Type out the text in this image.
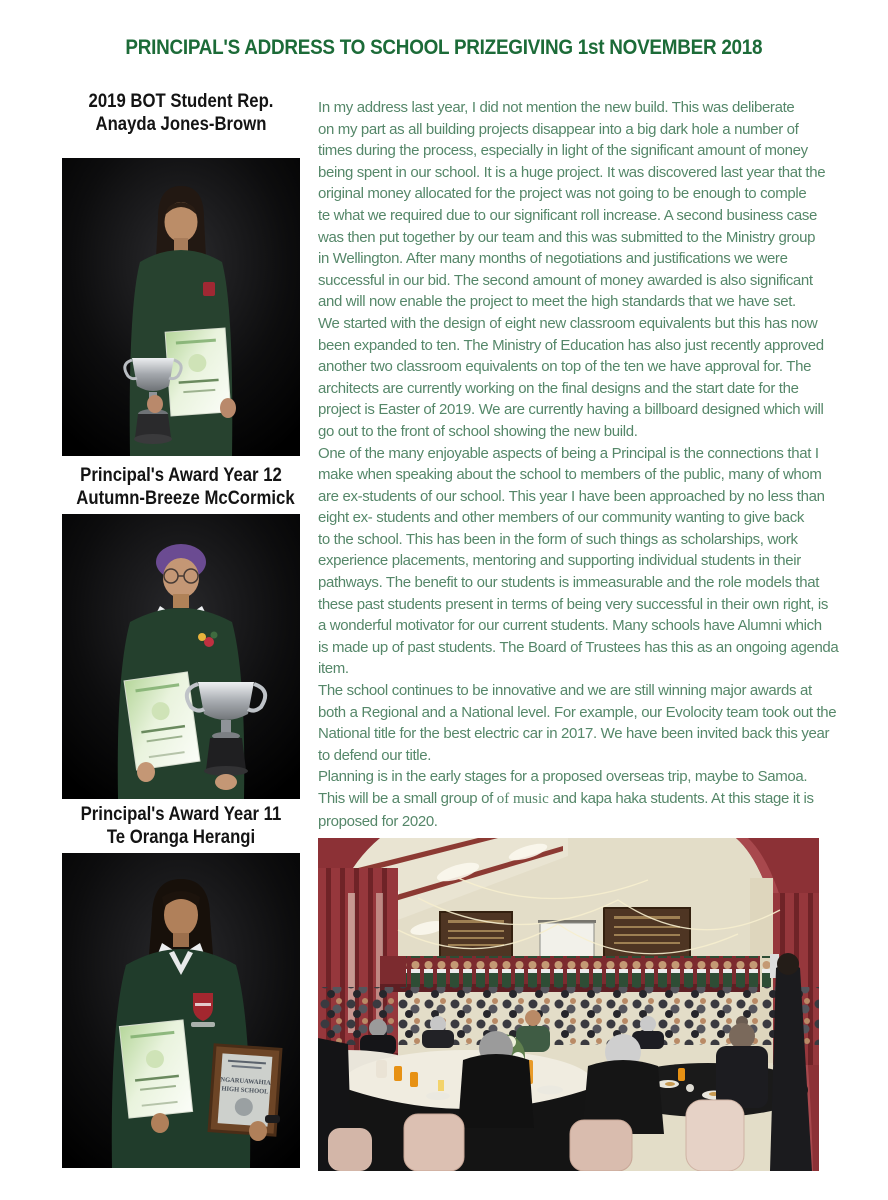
PRINCIPAL'S ADDRESS TO SCHOOL PRIZEGIVING 1st NOVEMBER 2018
2019 BOT Student Rep.
Anayda Jones-Brown
Principal's Award Year 12
Autumn-Breeze McCormick
Principal's Award Year 11
Te Oranga Herangi
NGARUAWAHIA
HIGH SCHOOL
In my address last year, I did not mention the new build. This was deliberate
on my part as all building projects disappear into a big dark hole a number of
times during the process, especially in light of the significant amount of money
being spent in our school. It is a huge project. It was discovered last year that the
original money allocated for the project was not going to be enough to comple
te what we required due to our significant roll increase. A second business case
was then put together by our team and this was submitted to the Ministry group
in Wellington. After many months of negotiations and justifications we were
successful in our bid. The second amount of money awarded is also significant
and will now enable the project to meet the high standards that we have set.
We started with the design of eight new classroom equivalents but this has now
been expanded to ten. The Ministry of Education has also just recently approved
another two classroom equivalents on top of the ten we have approval for. The
architects are currently working on the final designs and the start date for the
project is Easter of 2019. We are currently having a billboard designed which will
go out to the front of school showing the new build.
One of the many enjoyable aspects of being a Principal is the connections that I
make when speaking about the school to members of the public, many of whom
are ex-students of our school. This year I have been approached by no less than
eight ex- students and other members of our community wanting to give back
to the school. This has been in the form of such things as scholarships, work
experience placements, mentoring and supporting individual students in their
pathways. The benefit to our students is immeasurable and the role models that
these past students present in terms of being very successful in their own right, is
a wonderful motivator for our current students. Many schools have Alumni which
is made up of past students. The Board of Trustees has this as an ongoing agenda
item.
The school continues to be innovative and we are still winning major awards at
both a Regional and a National level. For example, our Evolocity team took out the
National title for the best electric car in 2017. We have been invited back this year
to defend our title.
Planning is in the early stages for a proposed overseas trip, maybe to Samoa.
This will be a small group of of music and kapa haka students. At this stage it is
proposed for 2020.
